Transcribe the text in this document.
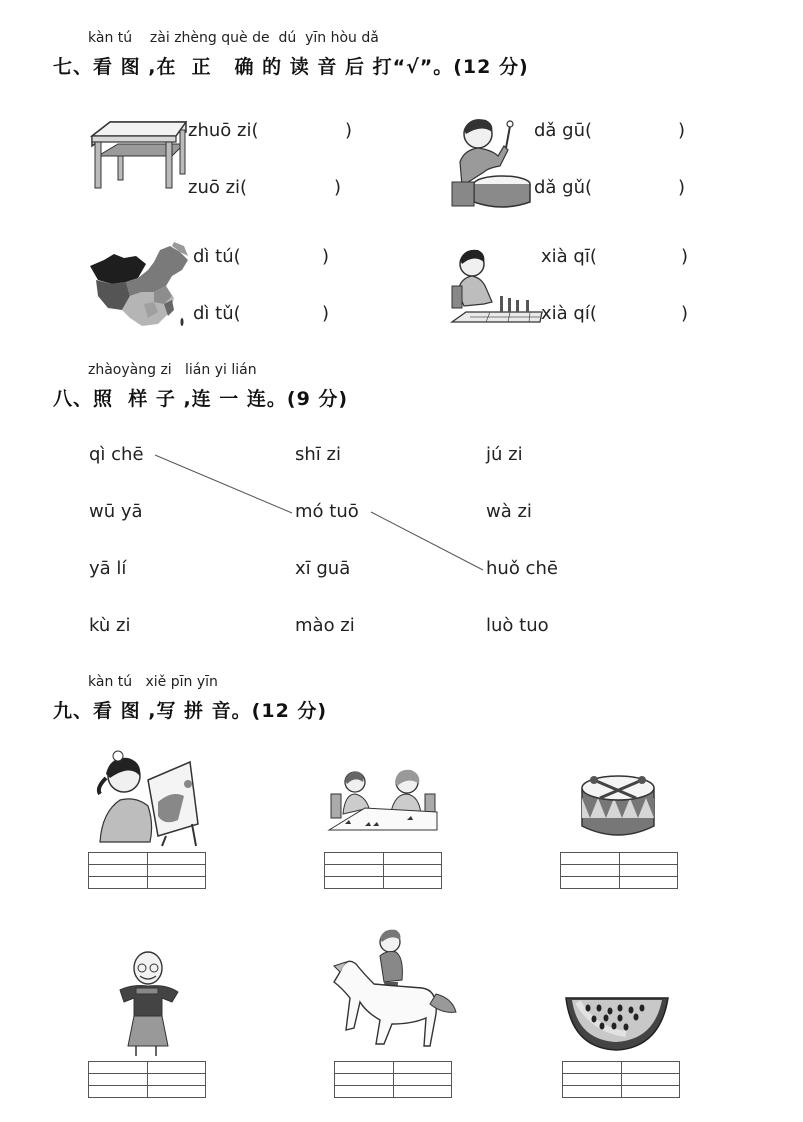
kàn tú    zài zhèng què de  dú  yīn hòu dǎ
七、看 图 ,在  正   确 的 读 音 后 打“√”。(12 分)
zhuō zi(	)
zuō zi(	)
dǎ gū(	)
dǎ gǔ(	)
dì tú(	)
dì tǔ(	)
xià qī(	)
xià qí(	)
zhàoyàng zi   lián yi lián
八、照  样 子 ,连 一 连。(9 分)
qì chē
wū yā
yā lí
kù zi
shī zi
mó tuō
xī guā
mào zi
jú zi
wà zi
huǒ chē
luò tuo
kàn tú   xiě pīn yīn
九、看 图 ,写 拼 音。(12 分)
